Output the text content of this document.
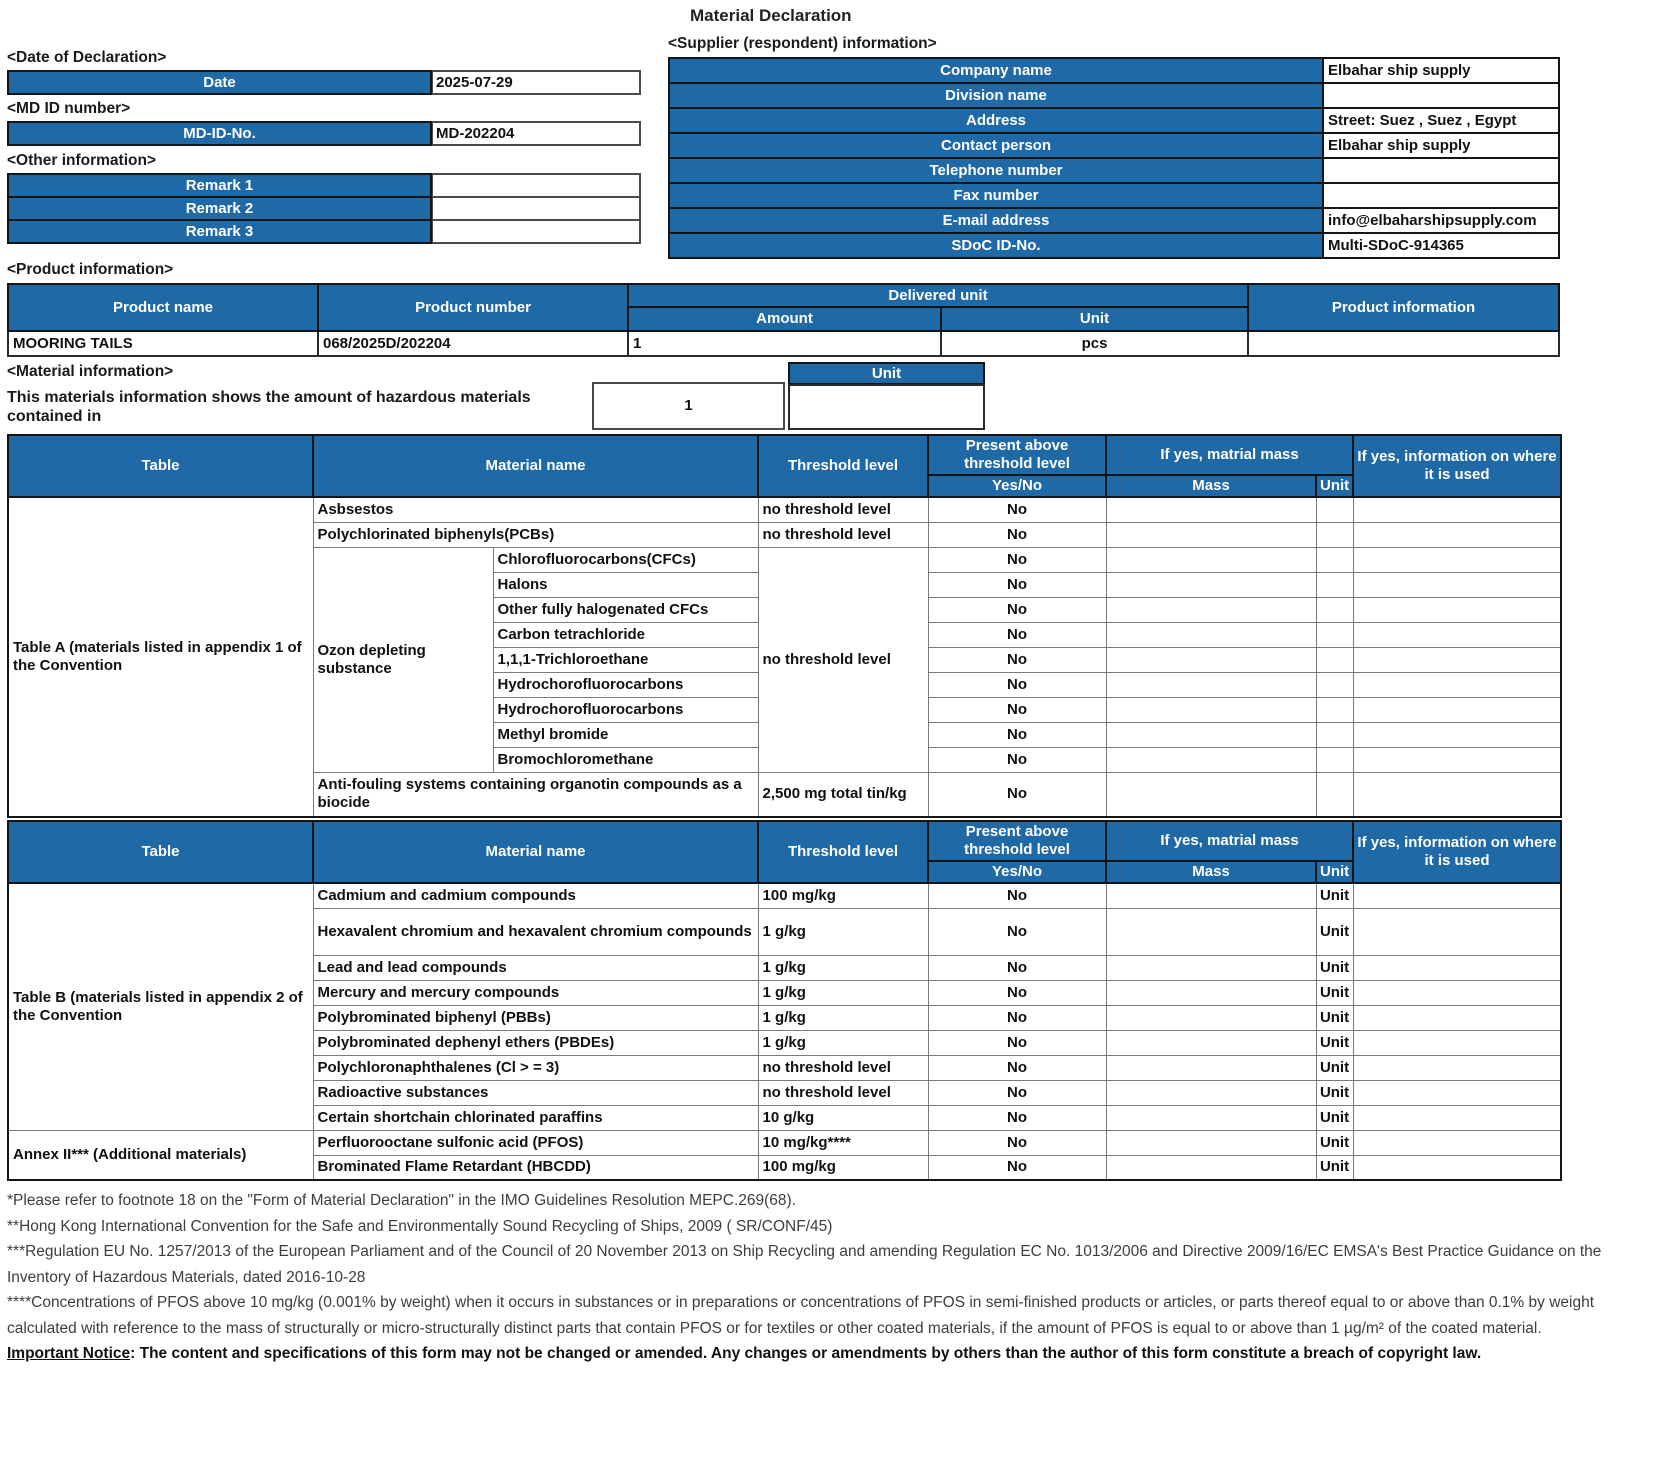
Material Declaration
<Date of Declaration>
Date	2025-07-29
<MD ID number>
MD-ID-No.	MD-202204
<Other information>
Remark 1
Remark 2
Remark 3
<Supplier (respondent) information>
Company name	Elbahar ship supply
Division name	
Address	Street: Suez , Suez , Egypt
Contact person	Elbahar ship supply
Telephone number	
Fax number	
E-mail address	info@elbaharshipsupply.com
SDoC ID-No.	Multi-SDoC-914365
<Product information>
Product name	Product number	Delivered unit		Product information
		Amount	Unit	
MOORING TAILS	068/2025D/202204	1	pcs	
<Material information>
This materials information shows the amount of hazardous materials contained in
1
Unit
Table	Material name		Threshold level	Present above threshold level	If yes, matrial mass		If yes, information on where it is used
				Yes/No	Mass	Unit	
Table A (materials listed in appendix 1 of the Convention	Asbsestos		no threshold level	No			
	Polychlorinated biphenyls(PCBs)		no threshold level	No			
	Ozon depleting substance	Chlorofluorocarbons(CFCs)	no threshold level	No			
		Halons		No			
		Other fully halogenated CFCs		No			
		Carbon tetrachloride		No			
		1,1,1-Trichloroethane		No			
		Hydrochorofluorocarbons		No			
		Hydrochorofluorocarbons		No			
		Methyl bromide		No			
		Bromochloromethane		No			
	Anti-fouling systems containing organotin compounds as a biocide		2,500 mg total tin/kg	No			
Table	Material name	Threshold level	Present above threshold level	If yes, matrial mass		If yes, information on where it is used
			Yes/No	Mass	Unit	
Table B (materials listed in appendix 2 of the Convention	Cadmium and cadmium compounds	100 mg/kg	No		Unit	
	Hexavalent chromium and hexavalent chromium compounds	1 g/kg	No		Unit	
	Lead and lead compounds	1 g/kg	No		Unit	
	Mercury and mercury compounds	1 g/kg	No		Unit	
	Polybrominated biphenyl (PBBs)	1 g/kg	No		Unit	
	Polybrominated dephenyl ethers (PBDEs)	1 g/kg	No		Unit	
	Polychloronaphthalenes (Cl > = 3)	no threshold level	No		Unit	
	Radioactive substances	no threshold level	No		Unit	
	Certain shortchain chlorinated paraffins	10 g/kg	No		Unit	
Annex II*** (Additional materials)	Perfluorooctane sulfonic acid (PFOS)	10 mg/kg****	No		Unit	
	Brominated Flame Retardant (HBCDD)	100 mg/kg	No		Unit	

*Please refer to footnote 18 on the "Form of Material Declaration" in the IMO Guidelines Resolution MEPC.269(68).

**Hong Kong International Convention for the Safe and Environmentally Sound Recycling of Ships, 2009 ( SR/CONF/45)

***Regulation EU No. 1257/2013 of the European Parliament and of the Council of 20 November 2013 on Ship Recycling and amending Regulation EC No. 1013/2006 and Directive 2009/16/EC EMSA's Best Practice Guidance on the Inventory of Hazardous Materials, dated 2016-10-28

****Concentrations of PFOS above 10 mg/kg (0.001% by weight) when it occurs in substances or in preparations or concentrations of PFOS in semi-finished products or articles, or parts thereof equal to or above than 0.1% by weight calculated with reference to the mass of structurally or micro-structurally distinct parts that contain PFOS or for textiles or other coated materials, if the amount of PFOS is equal to or above than 1 µg/m² of the coated material.

Important Notice: The content and specifications of this form may not be changed or amended. Any changes or amendments by others than the author of this form constitute a breach of copyright law.
